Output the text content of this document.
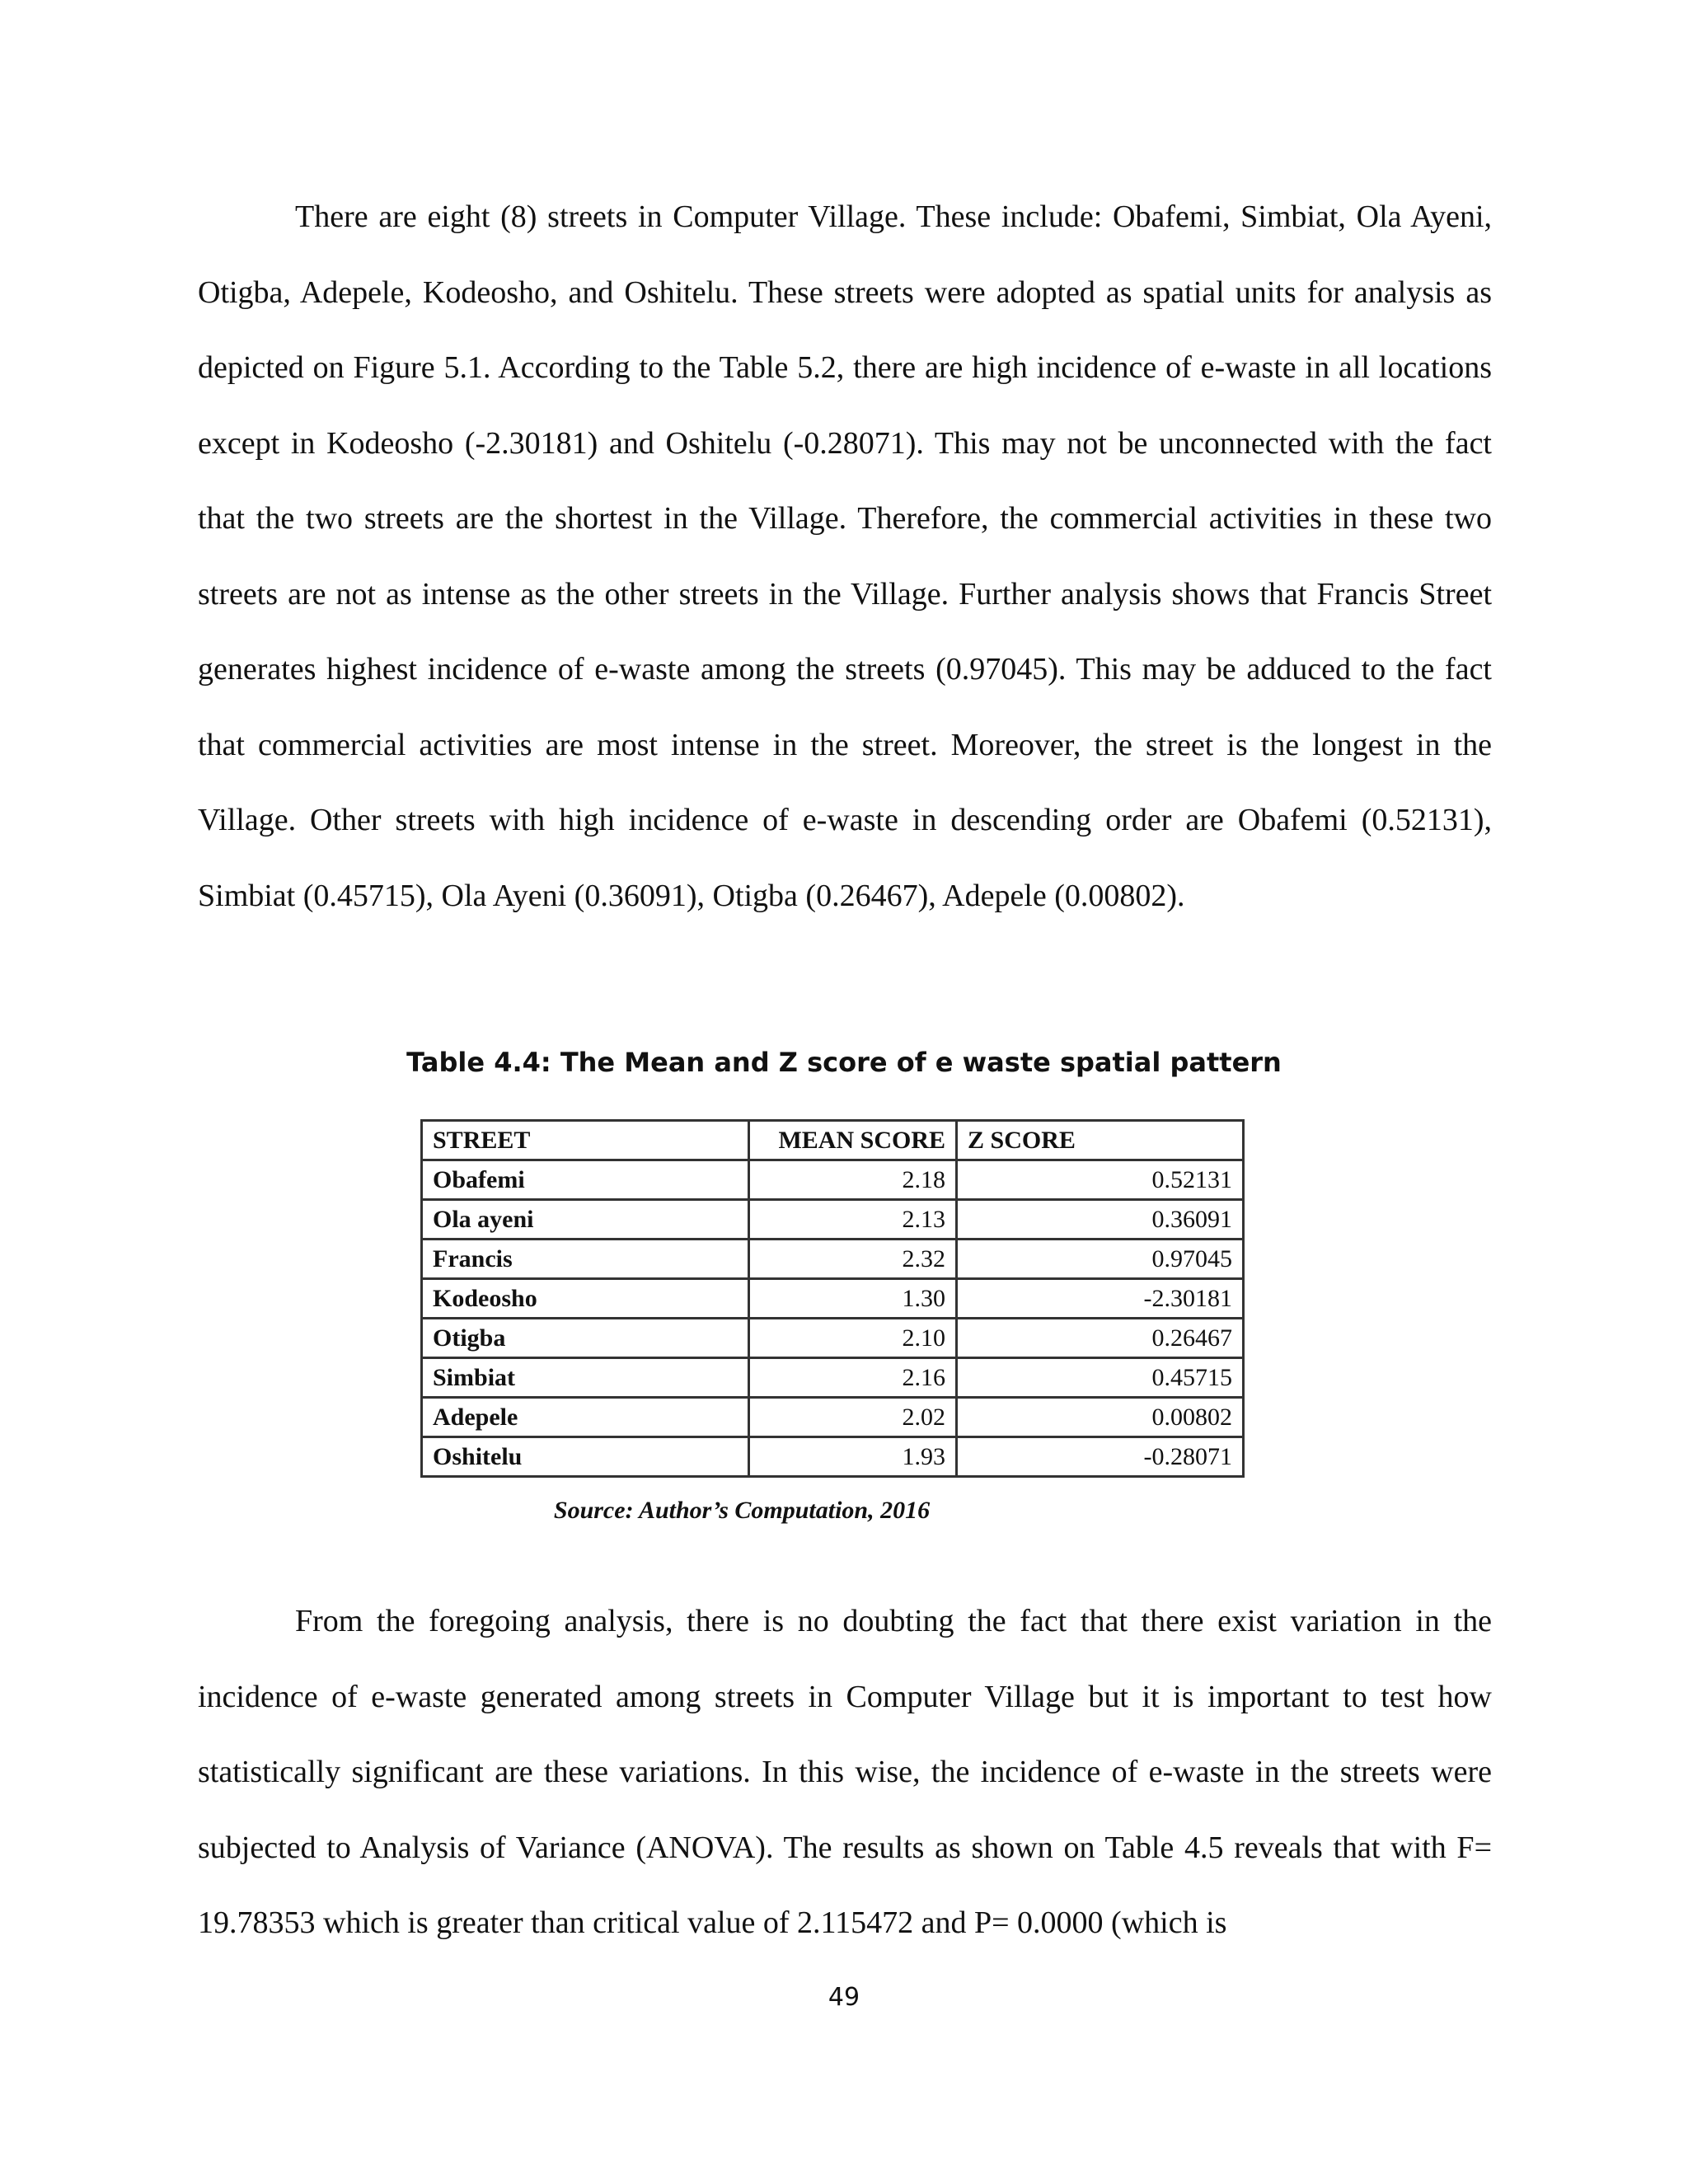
There are eight (8) streets in Computer Village. These include: Obafemi, Simbiat, Ola Ayeni, Otigba, Adepele, Kodeosho, and Oshitelu. These streets were adopted as spatial units for analysis as depicted on Figure 5.1. According to the Table 5.2, there are high incidence of e-waste in all locations except in Kodeosho (-2.30181) and Oshitelu (-0.28071). This may not be unconnected with the fact that the two streets are the shortest in the Village. Therefore, the commercial activities in these two streets are not as intense as the other streets in the Village. Further analysis shows that Francis Street generates highest incidence of e-waste among the streets (0.97045). This may be adduced to the fact that commercial activities are most intense in the street. Moreover, the street is the longest in the Village. Other streets with high incidence of e-waste in descending order are Obafemi (0.52131), Simbiat (0.45715), Ola Ayeni (0.36091), Otigba (0.26467), Adepele (0.00802).

Table 4.4: The Mean and Z score of e waste spatial pattern
STREET	MEAN SCORE	Z SCORE
Obafemi	2.18	0.52131
Ola ayeni	2.13	0.36091
Francis	2.32	0.97045
Kodeosho	1.30	-2.30181
Otigba	2.10	0.26467
Simbiat	2.16	0.45715
Adepele	2.02	0.00802
Oshitelu	1.93	-0.28071
Source: Author’s Computation, 2016

From the foregoing analysis, there is no doubting the fact that there exist variation in the incidence of e-waste generated among streets in Computer Village but it is important to test how statistically significant are these variations. In this wise, the incidence of e-waste in the streets were subjected to Analysis of Variance (ANOVA). The results as shown on Table 4.5 reveals that with F= 19.78353 which is greater than critical value of 2.115472 and P= 0.0000 (which is

49
